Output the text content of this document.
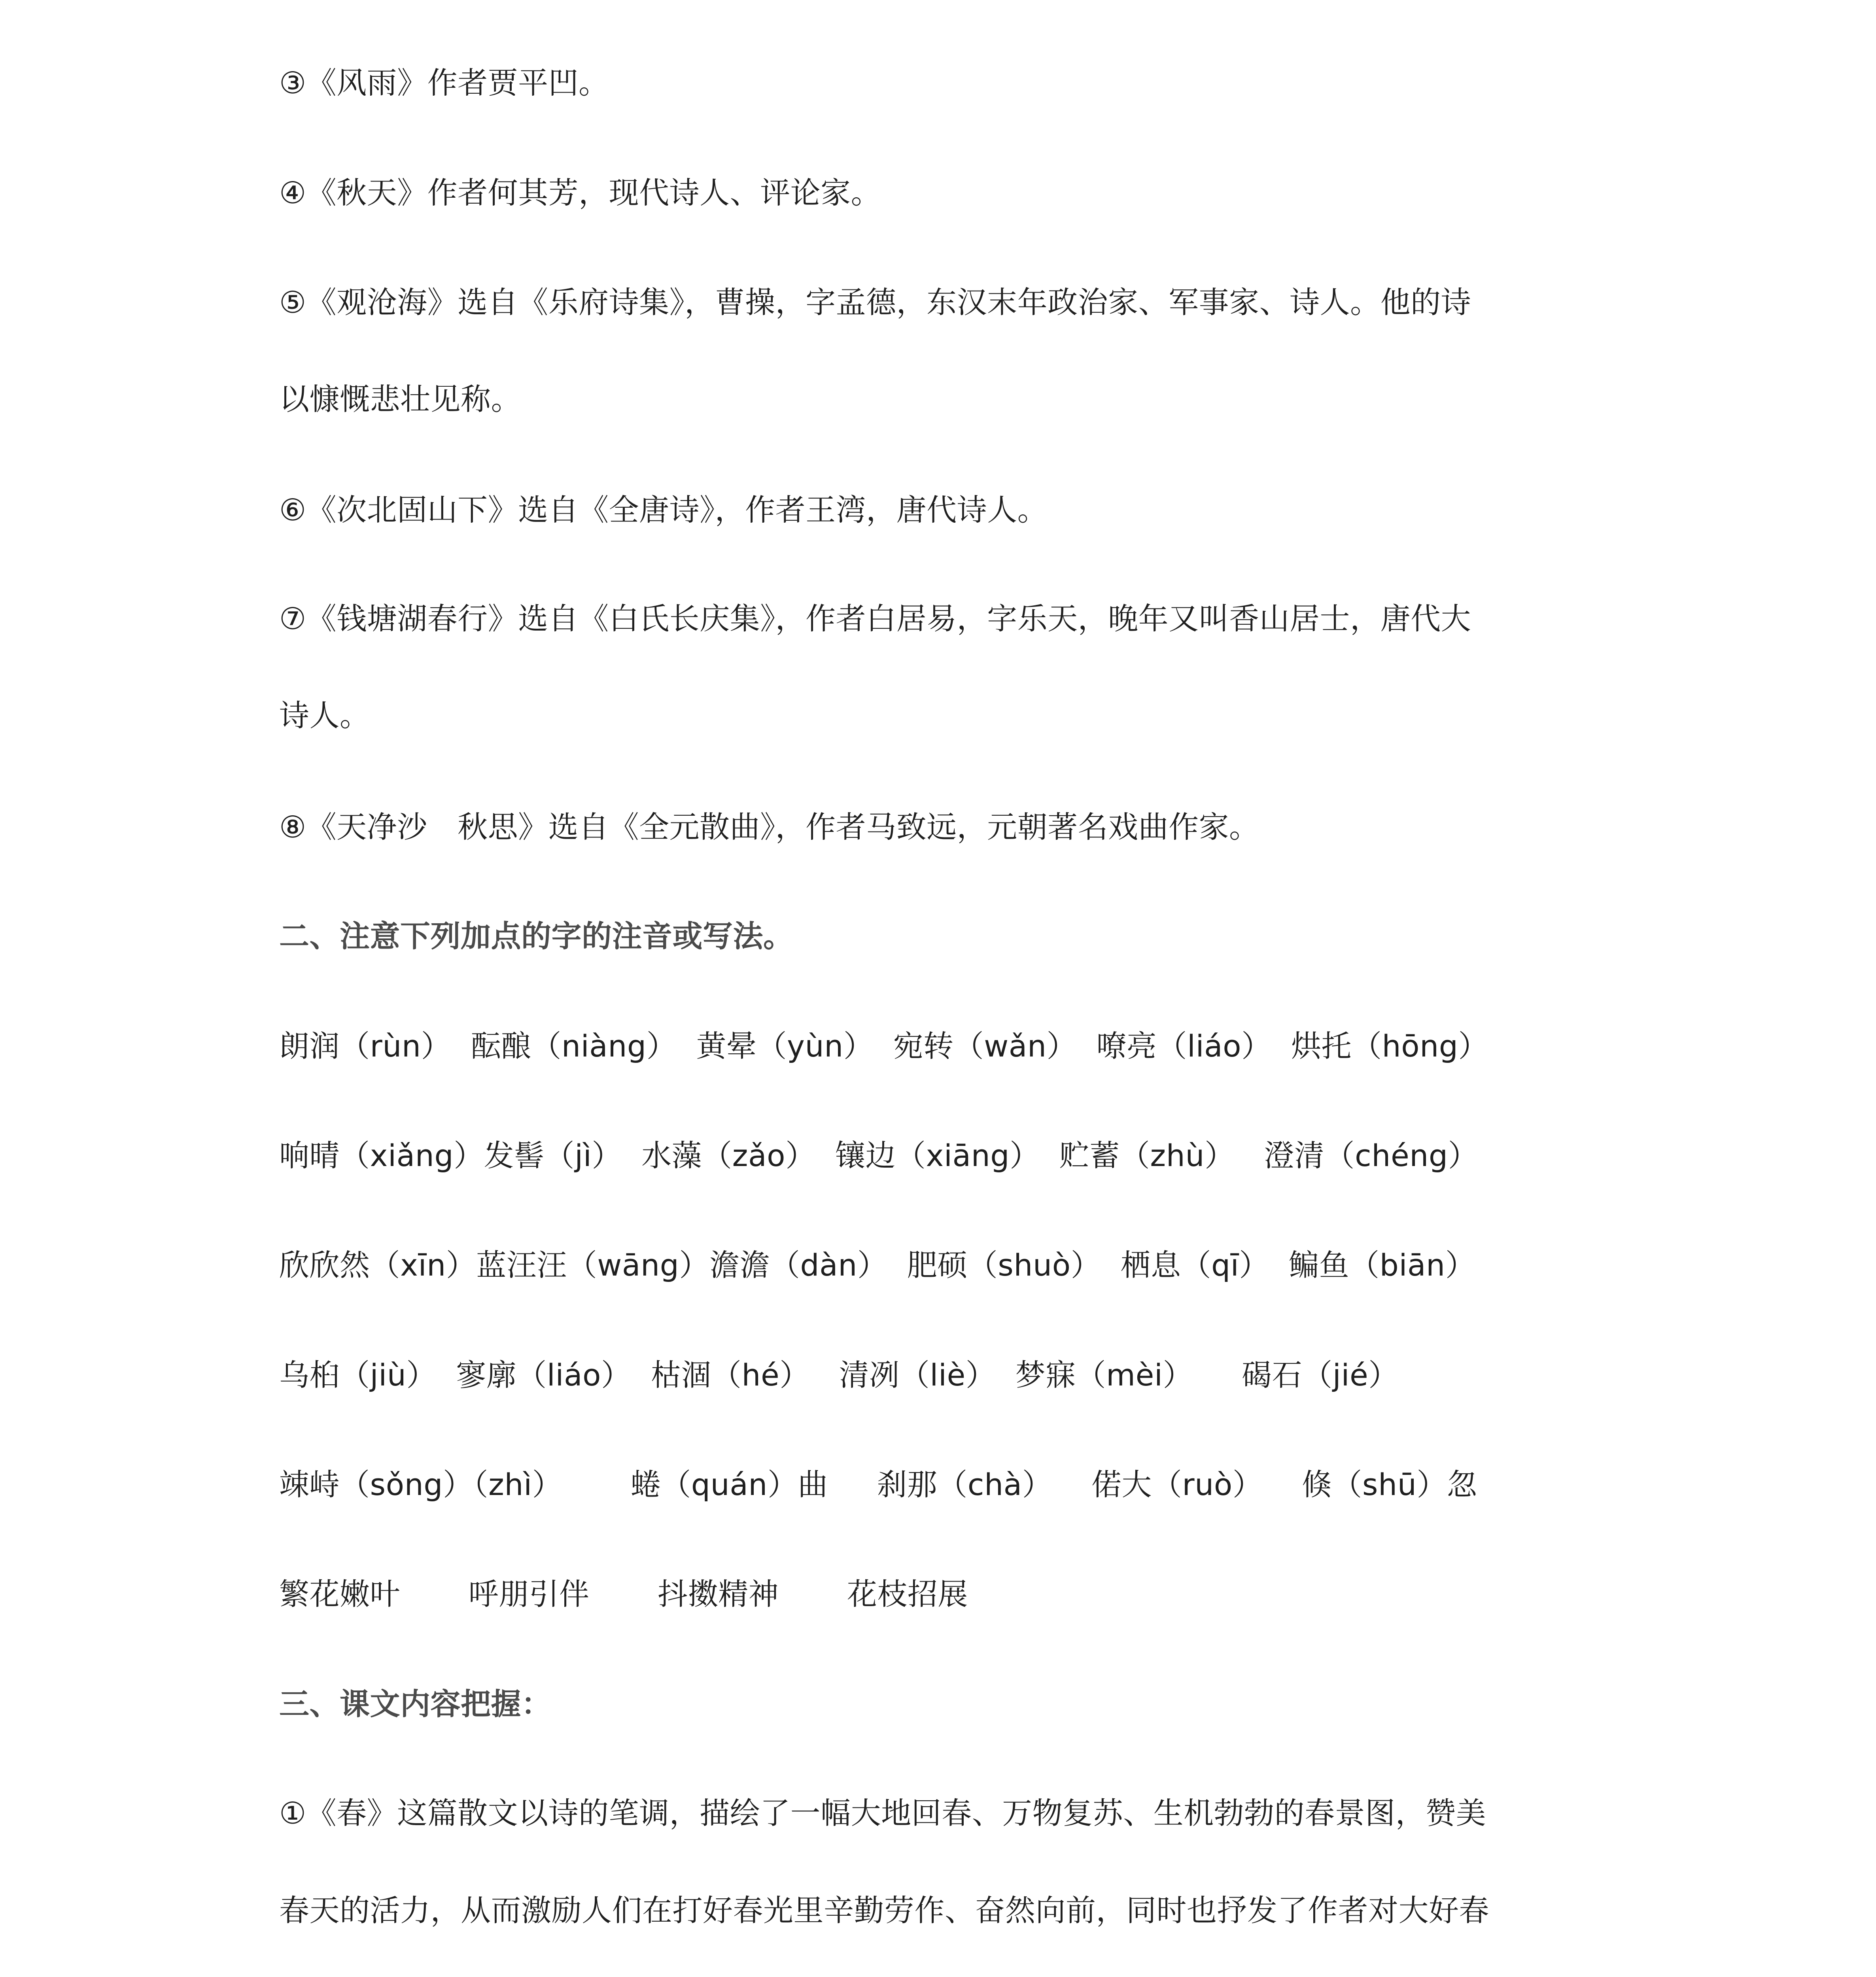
③《风雨》作者贾平凹。
④《秋天》作者何其芳，现代诗人、评论家。
⑤《观沧海》选自《乐府诗集》，曹操，字孟德，东汉末年政治家、军事家、诗人。他的诗
以慷慨悲壮见称。
⑥《次北固山下》选自《全唐诗》，作者王湾，唐代诗人。
⑦《钱塘湖春行》选自《白氏长庆集》，作者白居易，字乐天，晚年又叫香山居士，唐代大
诗人。
⑧《天净沙　秋思》选自《全元散曲》，作者马致远，元朝著名戏曲作家。
二、注意下列加点的字的注音或写法。
朗润（rùn）  酝酿（niàng）  黄晕（yùn）  宛转（wǎn）  嘹亮（liáo）  烘托（hōng）
响晴（xiǎng）发髻（jì）  水藻（zǎo）  镶边（xiāng）  贮蓄（zhù）   澄清（chéng）
欣欣然（xīn）蓝汪汪（wāng）澹澹（dàn）  肥硕（shuò）  栖息（qī）  鳊鱼（biān）
乌桕（jiù）  寥廓（liáo）  枯涸（hé）   清冽（liè）  梦寐（mèi）     碣石（jié）
竦峙（sǒng）（zhì）       蜷（quán）曲     刹那（chà）    偌大（ruò）    倏（shū）忽
繁花嫩叶       呼朋引伴       抖擞精神       花枝招展
三、课文内容把握：
①《春》这篇散文以诗的笔调，描绘了一幅大地回春、万物复苏、生机勃勃的春景图，赞美
春天的活力，从而激励人们在打好春光里辛勤劳作、奋然向前，同时也抒发了作者对大好春
